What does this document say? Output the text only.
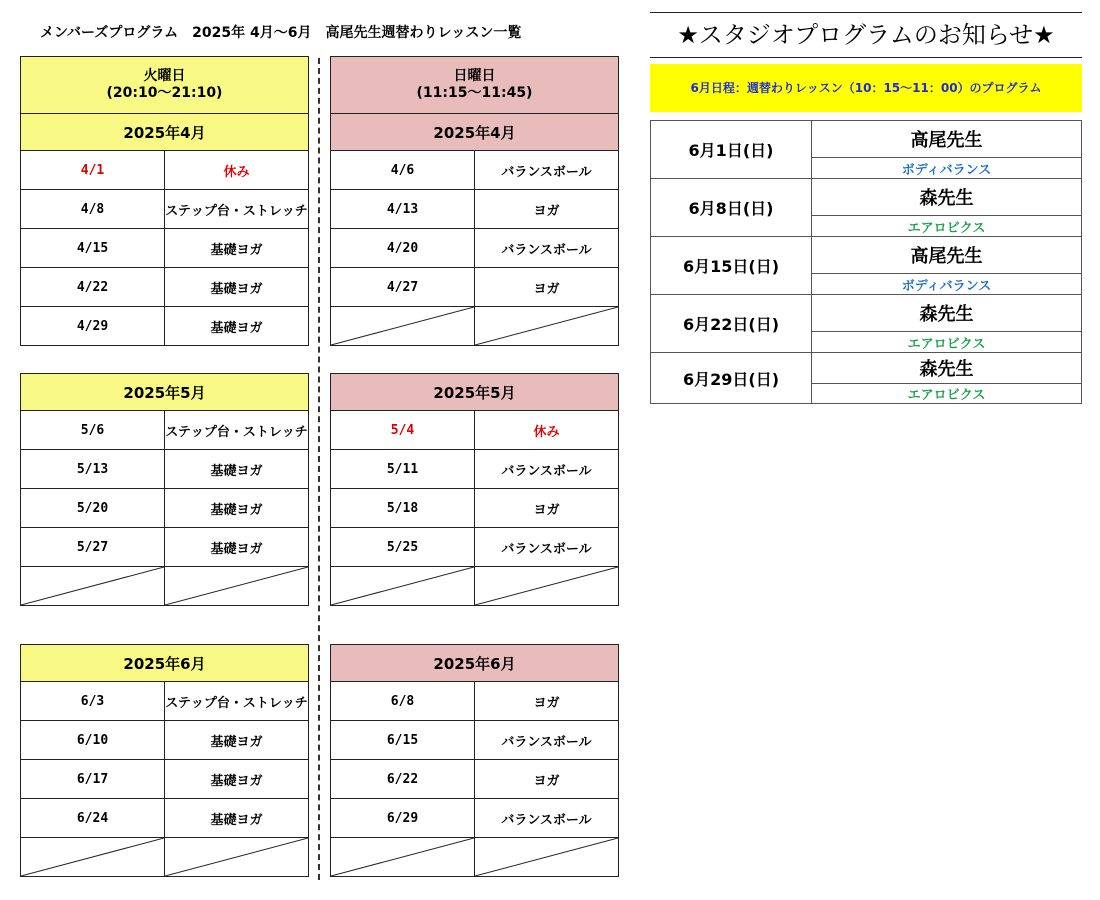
メンバーズプログラム　2025年 4月～6月　高尾先生週替わりレッスン一覧
火曜日
(20:10～21:10)	

2025年4月	
4/1	休み
4/8	ステップ台・ストレッチ
4/15	基礎ヨガ
4/22	基礎ヨガ
4/29	基礎ヨガ
2025年5月	
5/6	ステップ台・ストレッチ
5/13	基礎ヨガ
5/20	基礎ヨガ
5/27	基礎ヨガ

2025年6月	
6/3	ステップ台・ストレッチ
6/10	基礎ヨガ
6/17	基礎ヨガ
6/24	基礎ヨガ

日曜日
(11:15～11:45)	

2025年4月	
4/6	バランスボール
4/13	ヨガ
4/20	バランスボール
4/27	ヨガ

2025年5月	
5/4	休み
5/11	バランスボール
5/18	ヨガ
5/25	バランスボール

2025年6月	
6/8	ヨガ
6/15	バランスボール
6/22	ヨガ
6/29	バランスボール

★スタジオプログラムのお知らせ★
6月日程：週替わりレッスン（10：15～11：00）のプログラム
6月1日(日)	高尾先生
	ボディバランス
6月8日(日)	森先生
	エアロビクス
6月15日(日)	高尾先生
	ボディバランス
6月22日(日)	森先生
	エアロビクス
6月29日(日)	森先生
	エアロビクス
